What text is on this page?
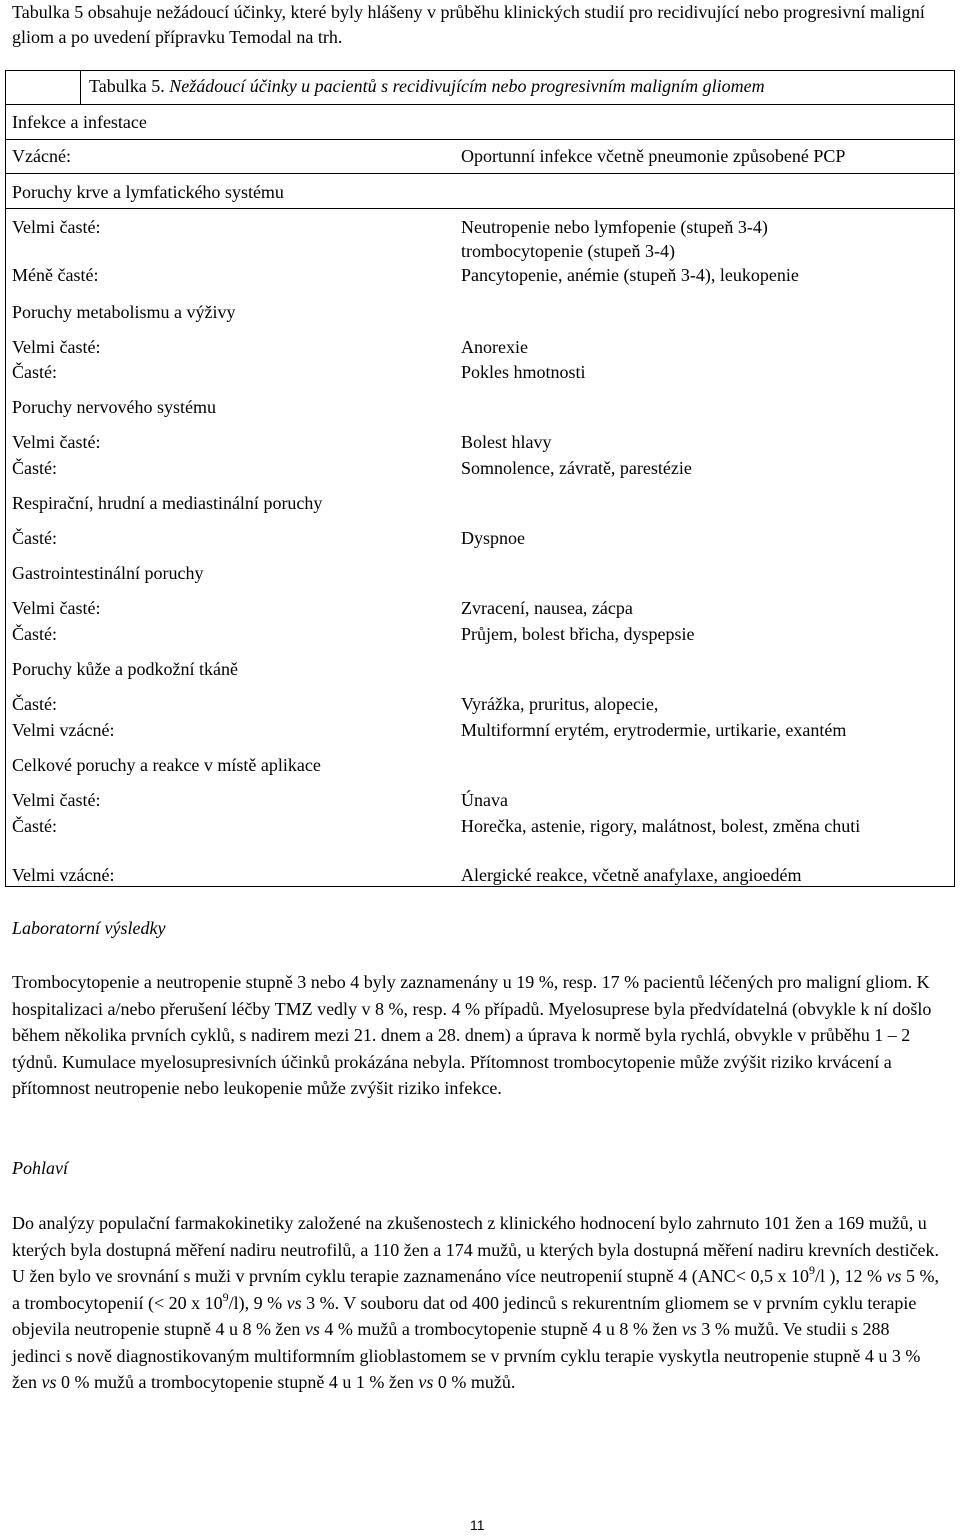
Tabulka 5 obsahuje nežádoucí účinky, které byly hlášeny v průběhu klinických studií pro recidivující nebo progresivní maligní gliom a po uvedení přípravku Temodal na trh.
Tabulka 5. Nežádoucí účinky u pacientů s recidivujícím nebo progresivním maligním gliomem
Infekce a infestace
Vzácné:	Oportunní infekce včetně pneumonie způsobené PCP
Poruchy krve a lymfatického systému
Velmi časté:	Neutropenie nebo lymfopenie (stupeň 3-4)
trombocytopenie (stupeň 3-4)
Méně časté:	Pancytopenie, anémie (stupeň 3-4), leukopenie
Poruchy metabolismu a výživy
Velmi časté:	Anorexie
Časté:	Pokles hmotnosti
Poruchy nervového systému
Velmi časté:	Bolest hlavy
Časté:	Somnolence, závratě, parestézie
Respirační, hrudní a mediastinální poruchy
Časté:	Dyspnoe
Gastrointestinální poruchy
Velmi časté:	Zvracení, nausea, zácpa
Časté:	Průjem, bolest břicha, dyspepsie
Poruchy kůže a podkožní tkáně
Časté:	Vyrážka, pruritus, alopecie,
Velmi vzácné:	Multiformní erytém, erytrodermie, urtikarie, exantém
Celkové poruchy a reakce v místě aplikace
Velmi časté:	Únava
Časté:	Horečka, astenie, rigory, malátnost, bolest, změna chuti
Velmi vzácné:	Alergické reakce, včetně anafylaxe, angioedém
Laboratorní výsledky
Trombocytopenie a neutropenie stupně 3 nebo 4 byly zaznamenány u 19 %, resp. 17 % pacientů léčených pro maligní gliom. K hospitalizaci a/nebo přerušení léčby TMZ vedly v 8 %, resp. 4 % případů. Myelosuprese byla předvídatelná (obvykle k ní došlo během několika prvních cyklů, s nadirem mezi 21. dnem a 28. dnem) a úprava k normě byla rychlá, obvykle v průběhu 1 – 2 týdnů. Kumulace myelosupresivních účinků prokázána nebyla. Přítomnost trombocytopenie může zvýšit riziko krvácení a přítomnost neutropenie nebo leukopenie může zvýšit riziko infekce.
Pohlaví
Do analýzy populační farmakokinetiky založené na zkušenostech z klinického hodnocení bylo zahrnuto 101 žen a 169 mužů, u kterých byla dostupná měření nadiru neutrofilů, a 110 žen a 174 mužů, u kterých byla dostupná měření nadiru krevních destiček. U žen bylo ve srovnání s muži v prvním cyklu terapie zaznamenáno více neutropenií stupně 4 (ANC< 0,5 x $10^9/l$ ), 12 % vs 5 %, a trombocytopenií (< 20 x $10^9/l$), 9 % vs 3 %. V souboru dat od 400 jedinců s rekurentním gliomem se v prvním cyklu terapie objevila neutropenie stupně 4 u 8 % žen vs 4 % mužů a trombocytopenie stupně 4 u 8 % žen vs 3 % mužů. Ve studii s 288 jedinci s nově diagnostikovaným multiformním glioblastomem se v prvním cyklu terapie vyskytla neutropenie stupně 4 u 3 % žen vs 0 % mužů a trombocytopenie stupně 4 u 1 % žen vs 0 % mužů.
11
